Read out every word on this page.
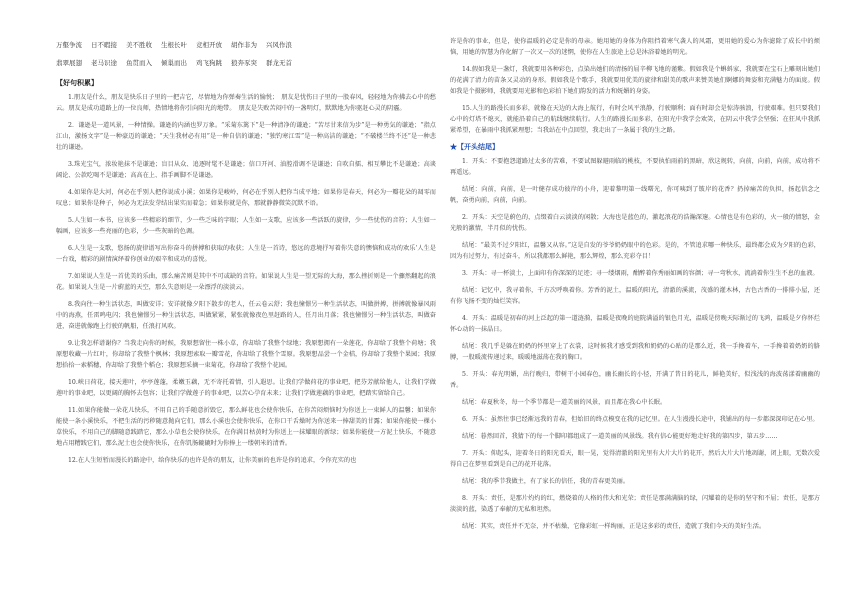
万壑争流 日不暇接 美不胜收 生根长叶 竞相开放 胡作非为 兴风作浪
翡翠展翅 老马识途 鱼贯而入 倾巢而出 鸡飞狗跳 狼奔豕突 群龙无首
【好句积累】

1.朋友是什么，朋友是快乐日子里的一把吉它，尽情地为你弹奏生活的愉悦；　朋友是忧伤日子里的一股春风，轻轻地为你拂去心中的愁云。朋友是成功道路上的一位良师，热情地将你引向阳光的地带。　朋友是失败苦闷中的一盏明灯，默默地为你驱赶心灵的阴霾。

2．谦逊是一道风景，一种情操。谦逊的内涵也罗万象。“采菊东篱下”是一种清净的谦逊；“苦尽甘来信为步”是一种勇気的谦逊；“指点江山，激扬文字”是一种豪迈的谦逊；“天生我材必有用”是一种自信的谦逊；“独钓寒江雪”是一种高洁的谦逊；“不破楼兰终不还”是一种悲壮的谦逊。

3.珠光宝气，浓妆艳抹不是谦逊；盲目从众、追逐时髦不是谦逊；信口开河、油腔滑调不是谦逊；自吹自擂、相互攀比不是谦逊；高谈阔论、公款吃喝不是谦逊；高高在上、指手画脚不是谦逊。

4.如果你是大河，何必在乎别人把你说成小溪；如果你是峻岭，何必在乎别人把你当成平地；如果你是春天，何必为一瓣花朵的凋零而叹息；如果你是种子，何必为无法发芽结出果实而着急；如果你就是你，那就静静微笑沉默不语。

5.人生如一本书，应该多一些精彩的细节，少一些乏味的字眼；人生如一支歌，应该多一些活跃的旋律，少一些忧伤的音符；人生如一幅画，应该多一些亮丽的色彩，少一些灰暗的色调。

6.人生是一支歌，悠扬的旋律谱写出你奋斗的拼搏和获取的收获；人生是一首诗，悠远的意境抒写着你失意的懊恼和成功的欢乐‘人生是一台戏，精彩的剧情演绎着你创业的艰辛和成功的喜悦。

7.如果说人生是一首优美的乐曲，那么痛苦则是其中不可或缺的音符。如果说人生是一望无际的大海，那么挫折则是一个骤然翻起的浪花。如果说人生是一片蔚蓝的天空，那么失意则是一朵漂浮的淡淡云。

8.我向往一种生活状态，叫做安详；安详就像夕阳下散步的老人，任云卷云舒；我也憧憬另一种生活状态，叫做拼搏，拼搏就像暴风雨中的海燕，任雷鸣电闪；我也憧憬另一种生活状态，叫做紧紧，紧张就像夜色里赶路的人，任月出月落；我也憧憬另一种生活状态，叫做奋进，奋进就像跑上行驶的帆船，任浪打风吹。

9.让我怎样谱谢你？当我走向你的时候，我原想留住一株小草，你却给了我整个绿地；我原想拥有一朵莲花，你却给了我整个荷塘；我原想收藏一片红叶，你却给了我整个枫林；我原想索取一瓣雪花，你却给了我整个雪原。我原想品尝一个金桔，你却给了我整个果园；我原想拾拾一索稻穗，你却给了我整个稻仓；我原想采摘一束菊花，你却给了我整个花园。

10.峡日荷花，接天莲叶，亭亭莲蓬，柔嫩玉藕，无不寄托着情，引人遐思。让我们学做荷花的事业吧，把芬芳献给他人，让我们学做莲叶的事业吧，以更阔的胸怀去包容；让我们学做莲子的事业吧，以苦心孕育未来；让我们学做莲藕的事业吧，把踏实留给自己。

11.如果你能做一朵花儿快乐，不用自己的手随意折毁它，那么鲜花也会使你快乐，在你苦闷烦恼时为你送上一束鲜人的温馨；如果你能使一条小溪快乐，不把生活的污秽随意抛向它们，那么小溪也会使你快乐，在你口干舌燥时为你送来一捧甜美的甘露；如果你能使一棵小草快乐，不用自己的脚随意践踏它，那么小草也会使你快乐，在你满目枯黄时为你送上一抹耀眼的新绿；如果你能使一方泥土快乐，不随意地占用糟践它们，那么泥土也会使你快乐，在你饥肠辘辘时为你捧上一缕朝米的清香。

12.在人生短暂而漫长的路途中，给你快乐的也许是你的朋友，让你美丽的也许是你的追求，令你充实的也

许是你的事业，但是，使你温暖的必定是你的母亲。她用她的身体为你阻挡着寒气袭人的风霜，更用她的爱心为你滤除了成长中的烦恼，用她的智慧为你化解了一次又一次的迷惘，使你在人生旅途上总是沐浴着她的明光。

14.假如我是一盏灯，我就要用各种彩色，点染出她们的清扬的屈辛柳飞地的谨紫。假如我是个蝌蚪家，我就要在宝石上雕刻出她们的花满了清力的苗条又灵动的身形。假如我是个歌手，我就要用优美的旋律和甜美的歌声来赞美她们婀娜的舞姿和充满魅力的面庞。假如我是个摄影师，我就要用光影和色彩拍下她们韵发的活力和妩媚的身姿。

15.人生的路漫长而多彩，就像在天边的大海上航行，有时会风平浪静，行驶顺利；面有时却会是惊涛骇浪，行驶艰难。但只要我们心中的灯塔不熄灭，就能沿着自己的航线继续航行。人生的路漫长而多彩，在阳光中我学会欢笑，在阴云中我学会坚强；在狂风中我抓紧希望，在暴雨中我抓紧理想；当我站在中点回望，我走出了一条属于我的生之路。

★【开头结尾】

1．开头：不要抱怨道路过太多的苦难，不要试图躲避雨临的桃枝，不要执怕雨前的黑暗，欣这规转，向前，向前，向前，成功将不再遥远。

结尾：向前，向前，是一叶健存成功彼岸的小舟，迎着黎明第一线曙光，你可咦到了铍岸的花香？扔掉痛苦的负担，扬起信念之帆，奋勇向前，向前，向前。

2．开头：天空是蔚色的，点缀着白云淡淡的闲散；大海也是蓝色的，激起浪花的浩瀚深邃。心情也是有色彩的，火一般的情怒，金光般的激情，半月似的忧伤。

结尾：“最美不过夕阳红，温馨又从容。”这是自发的爷爷奶奶眼中的色彩。是的，不管追求哪一种快乐，最终都会成为夕阳的色彩，因为有过努力，有过奋斗，所以我都那么鲜艳，那么辉煌，那么充彩夺目！

3．开头：寻一杯淡土，上面印有你深深的足迹；寻一缕烟雨，酣醉着你秀丽如画的容颜；寻一弯秋水，流淌着你生生不息的血液。

结尾：记忆中，我寻着你，千方次呼唤着你。芳香的泥土，温暖的阳光，清澈的溪流，茂盛的灌木林，古色古香的一排排小屋，还有你飞扬不变的灿烂笑容。

4．开头：温暖是初春的河上泛起的第一道涟漪，温暖是夜晚的庭院满溢的银色月光，温暖是傍晚天际渐过的飞鸿，温暖是夕你怀烂怀心动的一抹晶日。

结尾：我几乎是躲在奶奶的怀里穿上了衣裳，这时候我才感受到我和奶奶的心贴的是那么近，我一手搀着车，一手搀着着奶奶的胳膊，一股暖流传递过来，暖暖地滋荡在我的胸口。

5．开头：春光明媚，出行晚归，带树干小园春色，幽长幽长的小径，开满了昔日的花儿，鲜艳美好，似浅浅的海波荡漾着幽幽的香。

结尾：春夏秋冬，每一个季节都是一道美丽的风景，而且都在我心中长眠。

6．开头：虽然往事已经渐远我的青春，但始旧的终点模变在我的记忆里。在人生漫漫长途中，我铺出的每一步都深深印记在心里。

结尾：暮然回首，我猜下的每一个脚印都组成了一道美丽的风景线。我有信心能更好地走好我的第四步，第五步……

7．开头：仰起头，迎着冬日的阳光看天，眼一晃，觉得清澈的阳光里有大片大片的花开，然后大片大片地凋谢，闭上眼，无数次爱得自己在梦里看到是自己的花开花落。

结尾：我的季节我做主，有了家长的信任，我的青春更美丽。

8．开头：责任，是那片灼灼的红，燃烧着的人格的伟大和光荣；责任是那满满脑的绿，闪耀着的是你的坚守和不屈；责任，是那方淡淡的蓝，染透了奉献的无私和坦然。

结尾：其实，责任并不无奈，并不枯燥，它像彩虹一样绚丽，正是这多彩的责任，造就了我们今天的美好生活。
